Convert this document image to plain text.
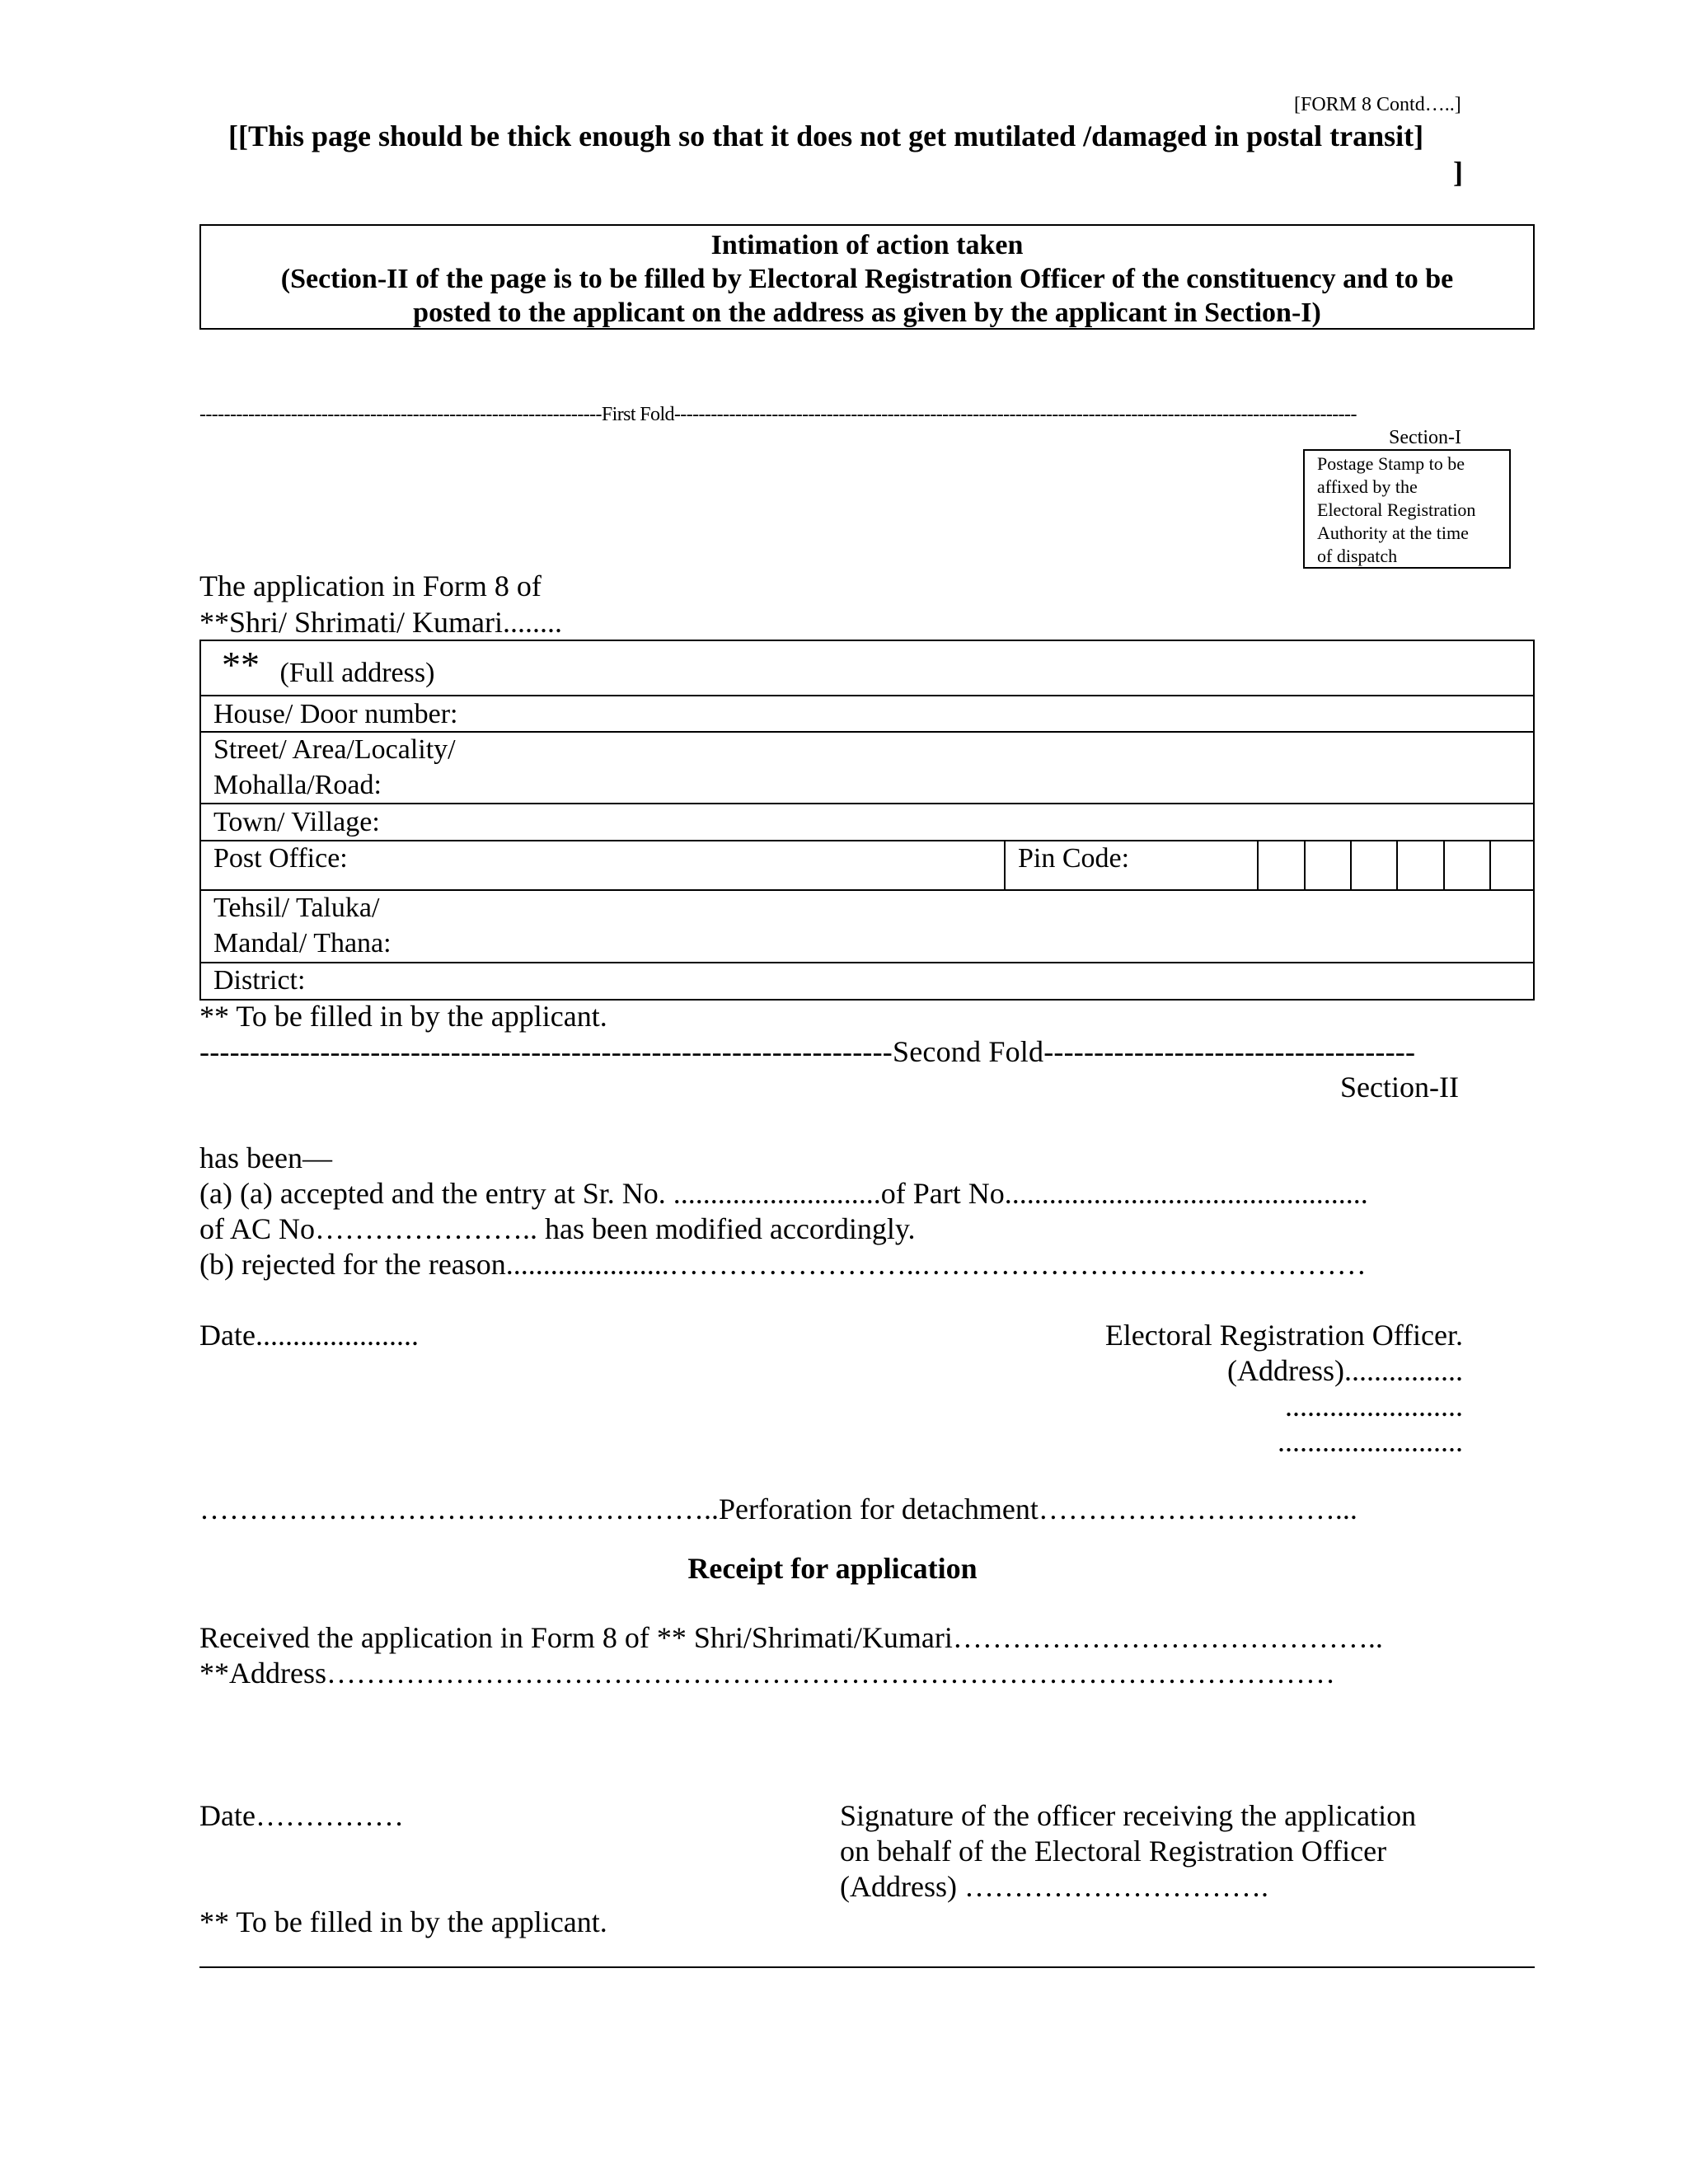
[FORM 8 Contd…..]
[[This page should be thick enough so that it does not get mutilated /damaged in postal transit]
]
Intimation of action taken
(Section-II of the page is to be filled by Electoral Registration Officer of the constituency and to be
posted to the applicant on the address as given by the applicant in Section-I)
------------------------------------------------------------------First Fold----------------------------------------------------------------------------------------------------------------
Section-I
Postage Stamp to be
affixed by the
Electoral Registration
Authority at the time
of dispatch
The application in Form 8 of
**Shri/ Shrimati/ Kumari........
** (Full address)
House/ Door number:
Street/ Area/Locality/
Mohalla/Road:
Town/ Village:
Post Office:	Pin Code:
Tehsil/ Taluka/
Mandal/ Thana:
District:
** To be filled in by the applicant.
---------------------------------------------------------------------Second Fold-------------------------------------
Section-II
has been—
(a) (a) accepted and the entry at Sr. No. ............................of Part No.................................................
of AC No………………….. has been modified accordingly.
(b) rejected for the reason......................……………………..………………………………………
Date......................	Electoral Registration Officer.
(Address)................
........................
.........................
……………………………………………..Perforation for detachment…………………………...
Receipt for application
Received the application in Form 8 of ** Shri/Shrimati/Kumari……………………………………..
**Address…………………………………………………………………………………………
Date……………	Signature of the officer receiving the application
on behalf of the Electoral Registration Officer
(Address) ………………………….
** To be filled in by the applicant.
